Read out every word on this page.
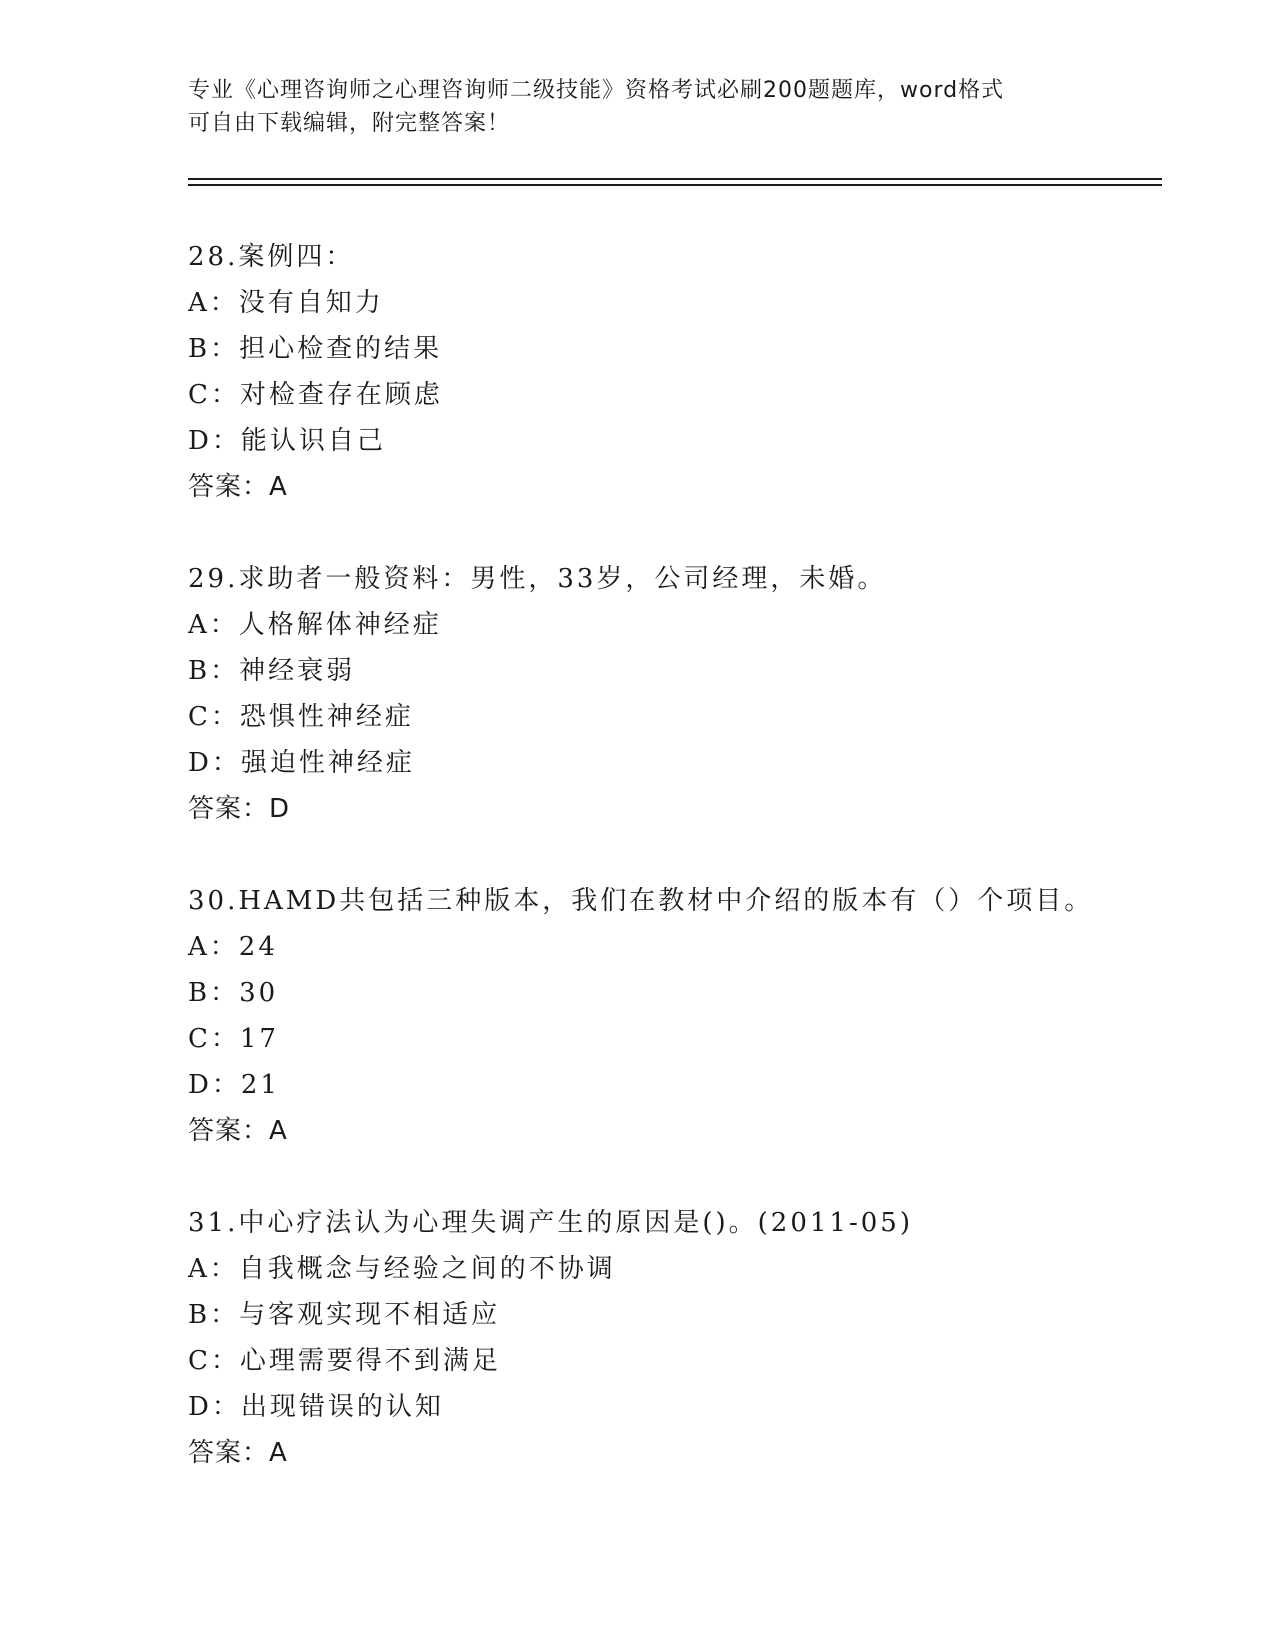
专业《心理咨询师之心理咨询师二级技能》资格考试必刷200题题库，word格式
可自由下载编辑，附完整答案！
28.案例四：
A：没有自知力
B：担心检查的结果
C：对检查存在顾虑
D：能认识自己
答案：A
29.求助者一般资料：男性，33岁，公司经理，未婚。
A：人格解体神经症
B：神经衰弱
C：恐惧性神经症
D：强迫性神经症
答案：D
30.HAMD共包括三种版本，我们在教材中介绍的版本有（）个项目。
A：24
B：30
C：17
D：21
答案：A
31.中心疗法认为心理失调产生的原因是()。(2011-05)
A：自我概念与经验之间的不协调
B：与客观实现不相适应
C：心理需要得不到满足
D：出现错误的认知
答案：A
